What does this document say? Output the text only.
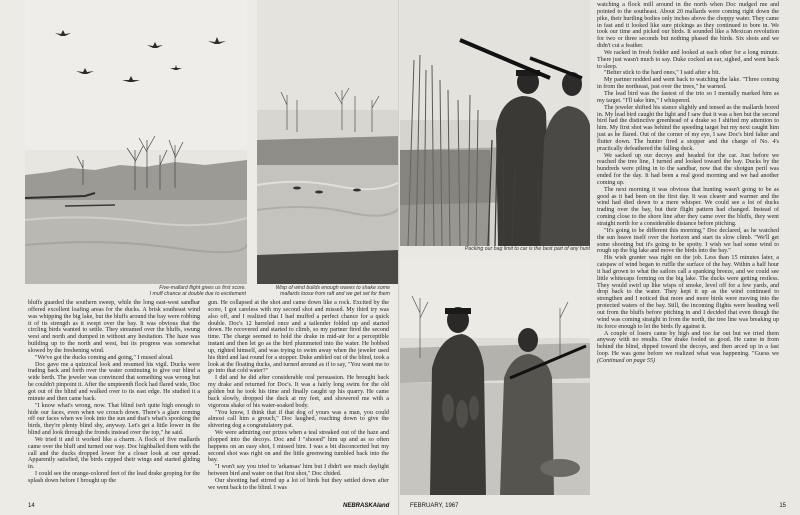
Five-mallard flight gives us first score.
I muff chance at double due to excitement
Wisp of wind builds enough waves to shake some
mallards loose from raft and we get set for them

bluffs guarded the southern sweep, while the long east-west sandbar offered excellent loafing areas for the ducks. A brisk southeast wind was whipping the big lake, but the bluffs around the bay were robbing it of its strength as it swept over the bay. It was obvious that the circling birds wanted to settle. They streamed over the bluffs, swung west and north and dumped in without any hesitation. The haze was building up to the north and west, but its progress was somewhat slowed by the freshening wind.

"We've got the ducks coming and going," I mused aloud.

Doc gave me a quizzical look and resumed his vigil. Ducks were trading back and forth over the water continuing to give our blind a wide berth. The jeweler was convinced that something was wrong but he couldn't pinpoint it. After the umpteenth flock had flared wide, Doc got out of the blind and walked over to its east edge. He studied it a minute and then came back.

"I know what's wrong, now. That blind isn't quite high enough to hide our faces, even when we crouch down. There's a glare coming off our faces when we look into the sun and that's what's spooking the birds, they're plenty blind shy, anyway. Let's get a little lower in the blind and look through the fronds instead over the top," he said.

We tried it and it worked like a charm. A flock of five mallards came over the bluff and turned our way. Doc highballed them with the call and the ducks dropped lower for a closer look at our spread. Apparently satisfied, the birds cupped their wings and started gliding in.

I could see the orange-colored feet of the lead drake groping for the splash down before I brought up the

gun. He collapsed at the shot and came down like a rock. Excited by the score, I got careless with my second shot and missed. My third try was also off, and I realized that I had muffed a perfect chance for a quick double. Doc's 12 barreled once and a tailender folded up and started down. He recovered and started to climb, so my partner fired the second time. The charge seemed to hold the drake in mid-air for a perceptible instant and then let go as the bird plummeted into the water. He bobbed up, righted himself, and was trying to swim away when the jeweler used his third and last round for a stopper. Duke ambled out of the blind, took a look at the floating ducks, and turned around as if to say, "You want me to go into that cold water?"

I did and he did after considerable oral persuasion. He brought back my drake and returned for Doc's. It was a fairly long swim for the old golden but he took his time and finally caught up his quarry. He came back slowly, dropped the duck at my feet, and showered me with a vigorous shake of his water-soaked body.

"You know, I think that if that dog of yours was a man, you could almost call him a grouch," Doc laughed, reaching down to give the shivering dog a congratulatory pat.

We were admiring our prizes when a teal streaked out of the haze and plopped into the decoys. Doc and I "shooed" him up and as so often happens on an easy shot, I missed him. I was a bit disconcerted but my second shot was right on and the little greenwing tumbled back into the bay.

"I won't say you tried to 'arkansas' him but I didn't see much daylight between bird and water on that first shot," Doc chided.

Our shooting had stirred up a lot of birds but they settled down after we went back to the blind. I was

14	NEBRASKAland
Packing our bag limit to car is the best part of any hunt

watching a flock mill around in the north when Doc nudged me and pointed to the southeast. About 20 mallards were coming right down the pike, their hurtling bodies only inches above the choppy water. They came in fast and it looked like sure pickings as they continued to bore in. We took our time and picked our birds. It sounded like a Mexican revolution for two or three seconds but nothing phased the birds. Six shots and we didn't cut a feather.

We racked in fresh fodder and looked at each other for a long minute. There just wasn't much to say. Duke cocked an ear, sighed, and went back to sleep.

"Better stick to the hard ones," I said after a bit.

My partner nodded and went back to watching the lake. "Three coming in from the northeast, just over the trees," he warned.

The lead bird was the fastest of the trio so I mentally marked him as my target. "I'll take him," I whispered.

The jeweler shifted his stance slightly and tensed as the mallards bored in. My lead bird caught the light and I saw that it was a hen but the second bird had the distinctive greenhead of a drake so I shifted my attention to him. My first shot was behind the speeding target but my next caught him just as he flared. Out of the corner of my eye, I saw Doc's bird falter and flutter down. The hunter fired a stopper and the charge of No. 4's practically defeathered the falling duck.

We sacked up our decoys and headed for the car. Just before we reached the tree line, I turned and looked toward the bay. Ducks by the hundreds were piling in to the sandbar, now that the shotgun peril was ended for the day. It had been a real good morning and we had another coming up.

The next morning it was obvious that hunting wasn't going to be as good as it had been on the first day. It was clearer and warmer and the wind had died down to a mere whisper. We could see a lot of ducks trading over the bay, but their flight pattern had changed. Instead of coming close to the shore line after they came over the bluffs, they went straight north for a considerable distance before pitching.

"It's going to be different this morning," Doc declared, as he watched the sun heave itself over the horizon and start its slow climb. "We'll get some shooting but it's going to be spotty. I wish we had some wind to rough up the big lake and move the birds into the bay."

His wish granter was right on the job. Less than 15 minutes later, a catspaw of wind began to ruffle the surface of the bay. Within a half hour it had grown to what the sailors call a spanking breeze, and we could see little whitecaps forming on the big lake. The ducks were getting restless. They would swirl up like wisps of smoke, level off for a few yards, and drop back to the water. They kept it up as the wind continued to strengthen and I noticed that more and more birds were moving into the protected waters of the bay. Still, the incoming flights were heading well out from the bluffs before pitching in and I decided that even though the wind was coming straight in from the north, the tree line was breaking up its force enough to let the birds fly against it.

A couple of losers came by high and too far out but we tried them anyway with no results. One drake fooled us good. He came in from behind the blind, dipped toward the decoys, and then arced up in a fast loop. He was gone before we realized what was happening. "Guess we (Continued on page 55)

FEBRUARY, 1967	15
